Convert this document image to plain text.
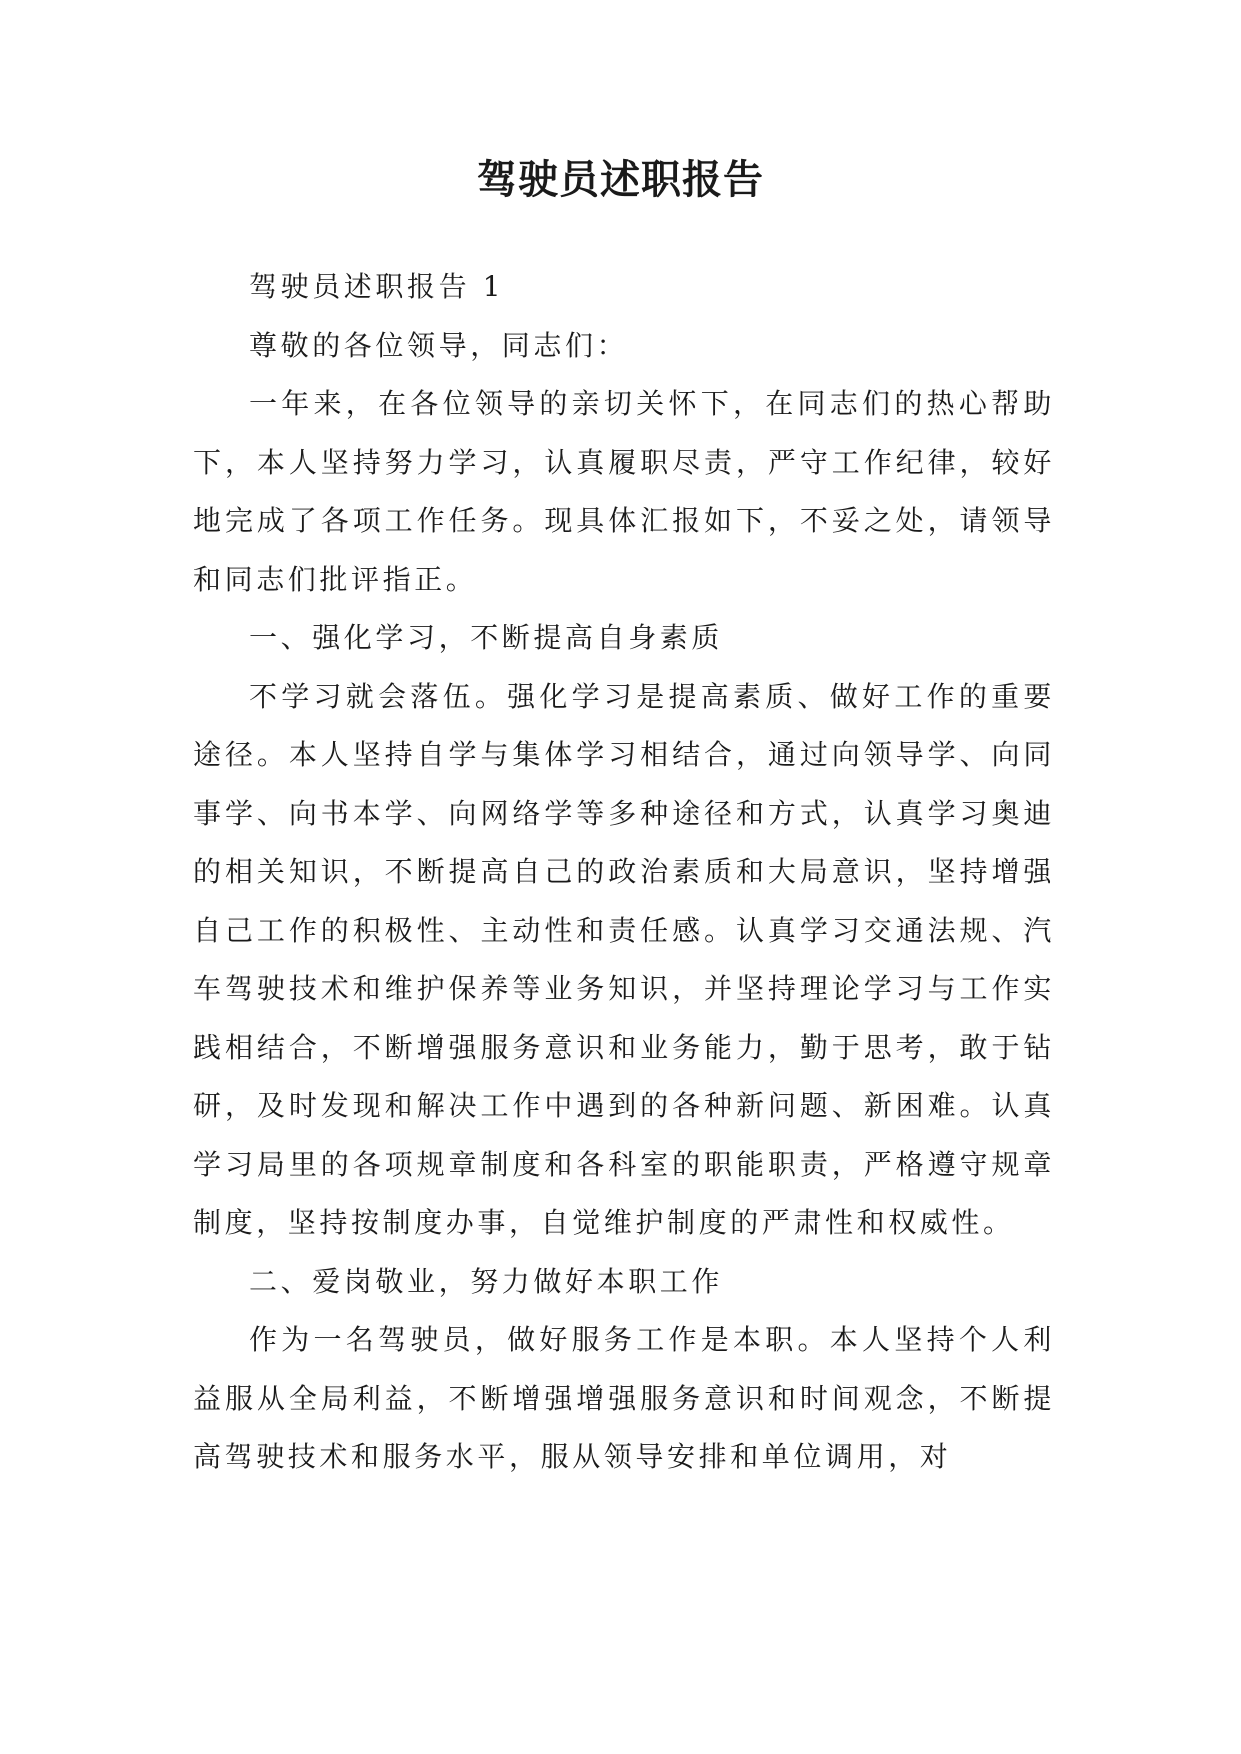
驾驶员述职报告

驾驶员述职报告 1

尊敬的各位领导，同志们：

一年来，在各位领导的亲切关怀下，在同志们的热心帮助下，本人坚持努力学习，认真履职尽责，严守工作纪律，较好地完成了各项工作任务。现具体汇报如下，不妥之处，请领导和同志们批评指正。

一、强化学习，不断提高自身素质

不学习就会落伍。强化学习是提高素质、做好工作的重要途径。本人坚持自学与集体学习相结合，通过向领导学、向同事学、向书本学、向网络学等多种途径和方式，认真学习奥迪的相关知识，不断提高自己的政治素质和大局意识，坚持增强自己工作的积极性、主动性和责任感。认真学习交通法规、汽车驾驶技术和维护保养等业务知识，并坚持理论学习与工作实践相结合，不断增强服务意识和业务能力，勤于思考，敢于钻研，及时发现和解决工作中遇到的各种新问题、新困难。认真学习局里的各项规章制度和各科室的职能职责，严格遵守规章制度，坚持按制度办事，自觉维护制度的严肃性和权威性。

二、爱岗敬业，努力做好本职工作

作为一名驾驶员，做好服务工作是本职。本人坚持个人利益服从全局利益，不断增强增强服务意识和时间观念，不断提高驾驶技术和服务水平，服从领导安排和单位调用，对
